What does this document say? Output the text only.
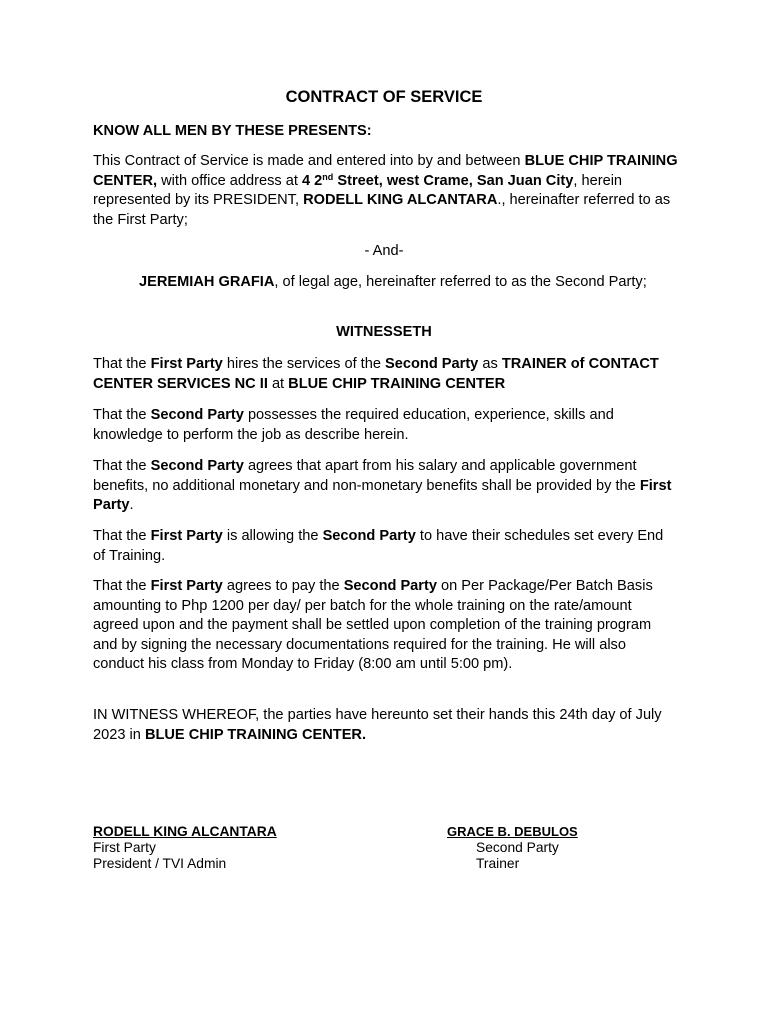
CONTRACT OF SERVICE

KNOW ALL MEN BY THESE PRESENTS:

This Contract of Service is made and entered into by and between BLUE CHIP TRAINING CENTER, with office address at 4 2nd Street, west Crame, San Juan City, herein represented by its PRESIDENT, RODELL KING ALCANTARA., hereinafter referred to as the First Party;

- And-

JEREMIAH GRAFIA, of legal age, hereinafter referred to as the Second Party;

WITNESSETH

That the First Party hires the services of the Second Party as TRAINER of CONTACT CENTER SERVICES NC II at BLUE CHIP TRAINING CENTER

That the Second Party possesses the required education, experience, skills and knowledge to perform the job as describe herein.

That the Second Party agrees that apart from his salary and applicable government benefits, no additional monetary and non-monetary benefits shall be provided by the First Party.

That the First Party is allowing the Second Party to have their schedules set every End of Training.

That the First Party agrees to pay the Second Party on Per Package/Per Batch Basis amounting to Php 1200 per day/ per batch for the whole training on the rate/amount agreed upon and the payment shall be settled upon completion of the training program and by signing the necessary documentations required for the training. He will also conduct his class from Monday to Friday (8:00 am until 5:00 pm).

IN WITNESS WHEREOF, the parties have hereunto set their hands this 24th day of July 2023 in BLUE CHIP TRAINING CENTER.

RODELL KING ALCANTARA
First Party
President / TVI Admin
GRACE B. DEBULOS
Second Party
Trainer
